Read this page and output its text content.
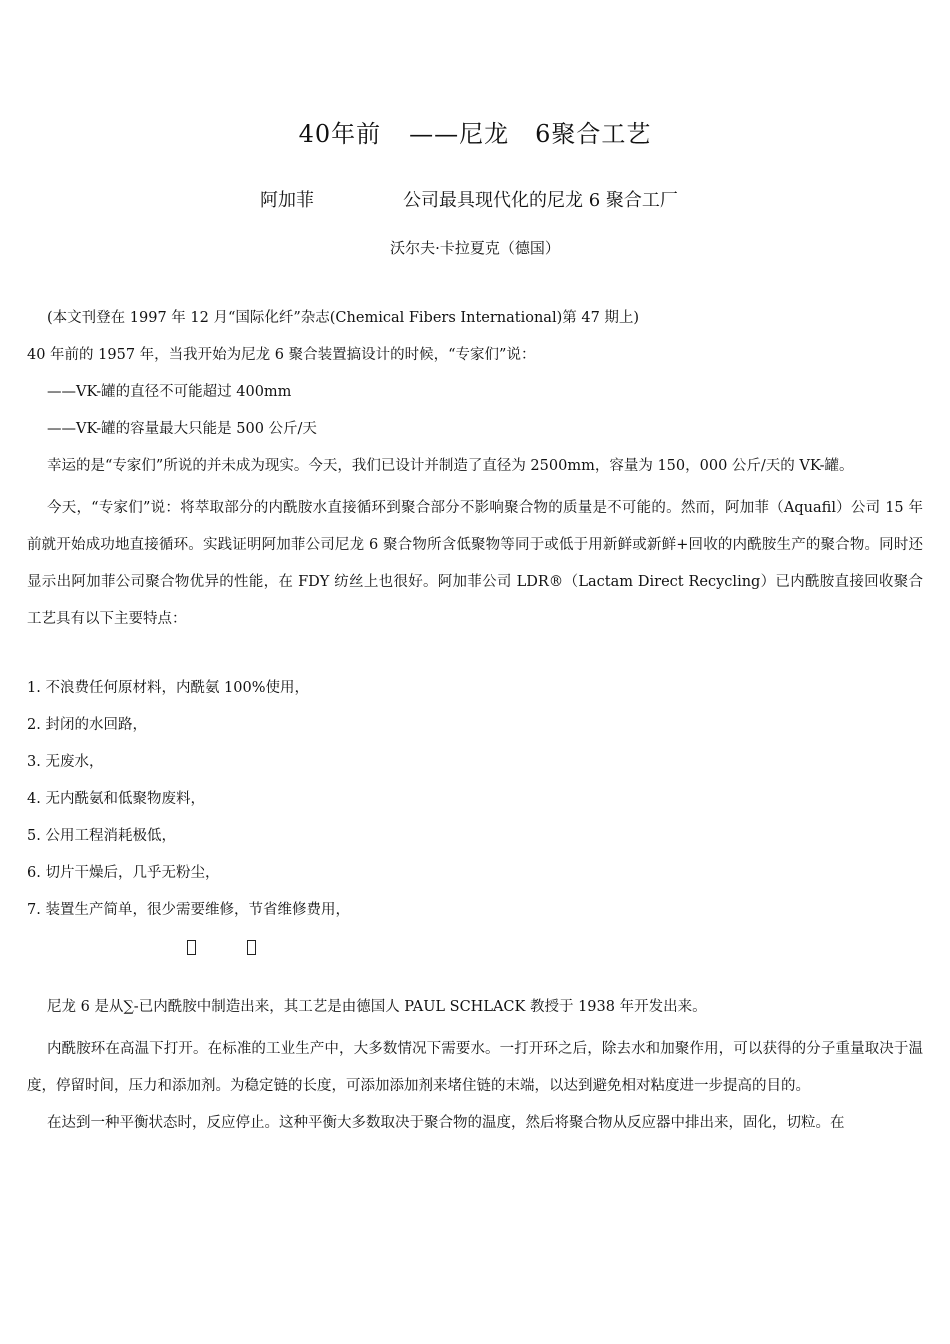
40年前 ——尼龙 6聚合工艺
阿加菲	公司最具现代化的尼龙 6 聚合工厂
沃尔夫·卡拉夏克（德国）

(本文刊登在 1997 年 12 月“国际化纤”杂志(Chemical Fibers International)第 47 期上)

40 年前的 1957 年，当我开始为尼龙 6 聚合装置搞设计的时候，“专家们”说：

——VK-罐的直径不可能超过 400mm

——VK-罐的容量最大只能是 500 公斤/天

幸运的是“专家们”所说的并未成为现实。今天，我们已设计并制造了直径为 2500mm，容量为 150，000 公斤/天的 VK-罐。

今天，“专家们”说：将萃取部分的内酰胺水直接循环到聚合部分不影响聚合物的质量是不可能的。然而，阿加菲（Aquafil）公司 15 年前就开始成功地直接循环。实践证明阿加菲公司尼龙 6 聚合物所含低聚物等同于或低于用新鲜或新鲜+回收的内酰胺生产的聚合物。同时还显示出阿加菲公司聚合物优异的性能，在 FDY 纺丝上也很好。阿加菲公司 LDR®（Lactam Direct Recycling）已内酰胺直接回收聚合工艺具有以下主要特点：

1. 不浪费任何原材料，内酰氨 100%使用，
2. 封闭的水回路，
3. 无废水，
4. 无内酰氨和低聚物废料，
5. 公用工程消耗极低，
6. 切片干燥后，几乎无粉尘，
7. 装置生产简单，很少需要维修，节省维修费用，

尼龙 6 是从∑-已内酰胺中制造出来，其工艺是由德国人 PAUL SCHLACK 教授于 1938 年开发出来。

内酰胺环在高温下打开。在标准的工业生产中，大多数情况下需要水。一打开环之后，除去水和加聚作用，可以获得的分子重量取决于温度，停留时间，压力和添加剂。为稳定链的长度，可添加添加剂来堵住链的末端，以达到避免相对粘度进一步提高的目的。

在达到一种平衡状态时，反应停止。这种平衡大多数取决于聚合物的温度，然后将聚合物从反应器中排出来，固化，切粒。在
